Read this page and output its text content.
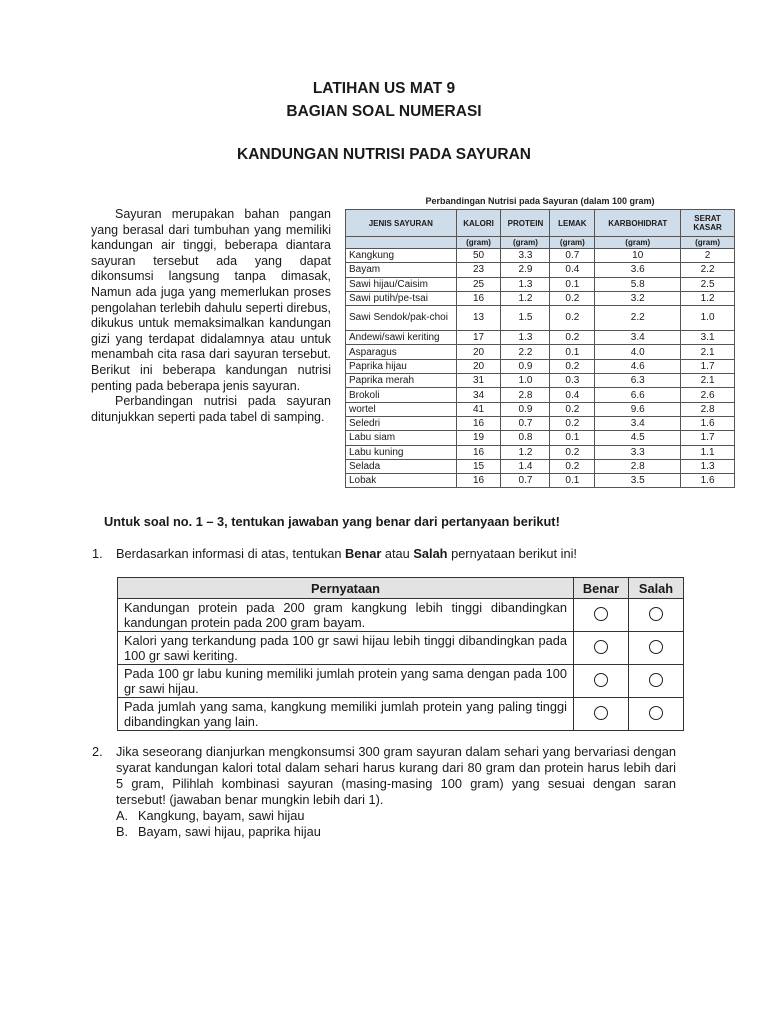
LATIHAN US MAT 9
BAGIAN SOAL NUMERASI
KANDUNGAN NUTRISI PADA SAYURAN

Sayuran merupakan bahan pangan yang berasal dari tumbuhan yang memiliki kandungan air tinggi, beberapa diantara sayuran tersebut ada yang dapat dikonsumsi langsung tanpa dimasak, Namun ada juga yang memerlukan proses pengolahan terlebih dahulu seperti direbus, dikukus untuk memaksimalkan kandungan gizi yang terdapat didalamnya atau untuk menambah cita rasa dari sayuran tersebut. Berikut ini beberapa kandungan nutrisi penting pada beberapa jenis sayuran.

Perbandingan nutrisi pada sayuran ditunjukkan seperti pada tabel di samping.

Perbandingan Nutrisi pada Sayuran (dalam 100 gram)
JENIS SAYURAN	KALORI	PROTEIN	LEMAK	KARBOHIDRAT	SERAT KASAR
	(gram)	(gram)	(gram)	(gram)	(gram)
Kangkung	50	3.3	0.7	10	2
Bayam	23	2.9	0.4	3.6	2.2
Sawi hijau/Caisim	25	1.3	0.1	5.8	2.5
Sawi putih/pe-tsai	16	1.2	0.2	3.2	1.2
Sawi Sendok/pak-choi	13	1.5	0.2	2.2	1.0
Andewi/sawi keriting	17	1.3	0.2	3.4	3.1
Asparagus	20	2.2	0.1	4.0	2.1
Paprika hijau	20	0.9	0.2	4.6	1.7
Paprika merah	31	1.0	0.3	6.3	2.1
Brokoli	34	2.8	0.4	6.6	2.6
wortel	41	0.9	0.2	9.6	2.8
Seledri	16	0.7	0.2	3.4	1.6
Labu siam	19	0.8	0.1	4.5	1.7
Labu kuning	16	1.2	0.2	3.3	1.1
Selada	15	1.4	0.2	2.8	1.3
Lobak	16	0.7	0.1	3.5	1.6
Untuk soal no. 1 – 3, tentukan jawaban yang benar dari pertanyaan berikut!
1. Berdasarkan informasi di atas, tentukan Benar atau Salah pernyataan berikut ini!
Pernyataan	Benar	Salah
Kandungan protein pada 200 gram kangkung lebih tinggi dibandingkan kandungan protein pada 200 gram bayam.		
Kalori yang terkandung pada 100 gr sawi hijau lebih tinggi dibandingkan pada 100 gr sawi keriting.		
Pada 100 gr labu kuning memiliki jumlah protein yang sama dengan pada 100 gr sawi hijau.		
Pada jumlah yang sama, kangkung memiliki jumlah protein yang paling tinggi dibandingkan yang lain.		
2.	Jika seseorang dianjurkan mengkonsumsi 300 gram sayuran dalam sehari yang bervariasi dengan syarat kandungan kalori total dalam sehari harus kurang dari 80 gram dan protein harus lebih dari 5 gram, Pilihlah kombinasi sayuran (masing-masing 100 gram) yang sesuai dengan saran tersebut! (jawaban benar mungkin lebih dari 1).
A. Kangkung, bayam, sawi hijau
B. Bayam, sawi hijau, paprika hijau
